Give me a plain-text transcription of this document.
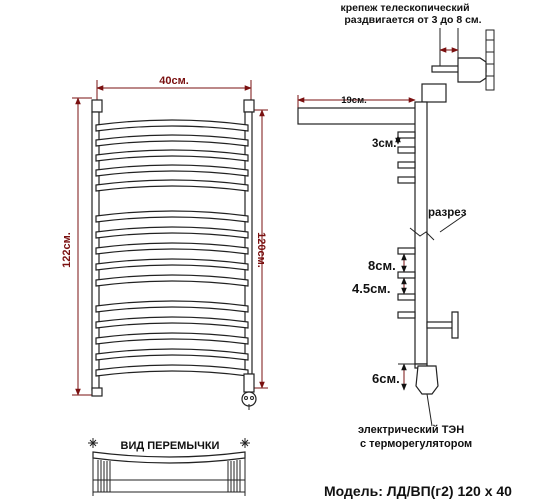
40см.
122см.	120см.
ВИД ПЕРЕМЫЧКИ
крепеж телескопический
раздвигается от 3 до 8 см.
19см.
3см.
разрез
8см.
4.5см.
6см.
электрический ТЭН
с терморегулятором
Модель: ЛД/ВП(г2) 120 х 40
